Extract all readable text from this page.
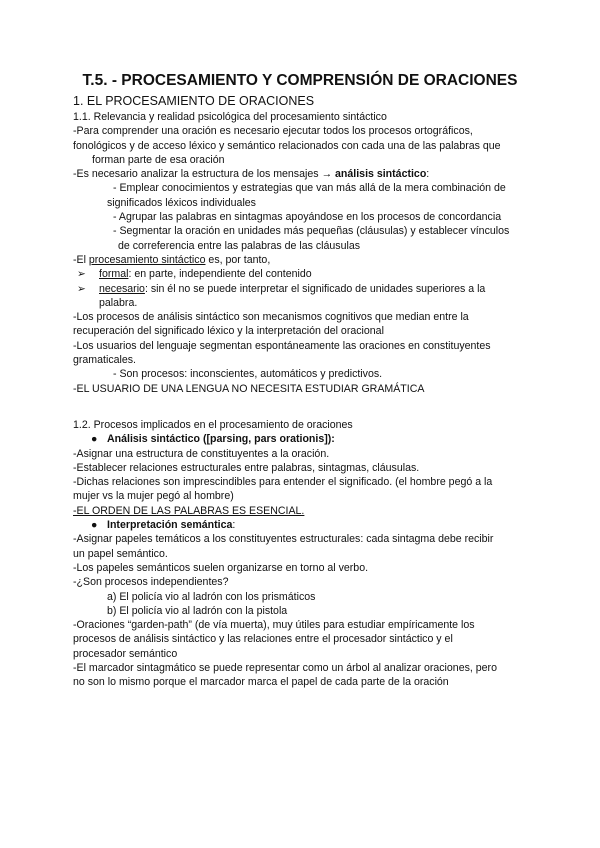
T.5. - PROCESAMIENTO Y COMPRENSIÓN DE ORACIONES
1. EL PROCESAMIENTO DE ORACIONES
1.1. Relevancia y realidad psicológica del procesamiento sintáctico
-Para comprender una oración es necesario ejecutar todos los procesos ortográficos,
fonológicos y de acceso léxico y semántico relacionados con cada una de las palabras que
forman parte de esa oración
-Es necesario analizar la estructura de los mensajes → análisis sintáctico:
- Emplear conocimientos y estrategias que van más allá de la mera combinación de
significados léxicos individuales
- Agrupar las palabras en sintagmas apoyándose en los procesos de concordancia
- Segmentar la oración en unidades más pequeñas (cláusulas) y establecer vínculos
de correferencia entre las palabras de las cláusulas
-El procesamiento sintáctico es, por tanto,
➢ formal: en parte, independiente del contenido
➢ necesario: sin él no se puede interpretar el significado de unidades superiores a la
palabra.
-Los procesos de análisis sintáctico son mecanismos cognitivos que median entre la
recuperación del significado léxico y la interpretación del oracional
-Los usuarios del lenguaje segmentan espontáneamente las oraciones en constituyentes
gramaticales.
- Son procesos: inconscientes, automáticos y predictivos.
-EL USUARIO DE UNA LENGUA NO NECESITA ESTUDIAR GRAMÁTICA
1.2. Procesos implicados en el procesamiento de oraciones
● Análisis sintáctico ([parsing, pars orationis]):
-Asignar una estructura de constituyentes a la oración.
-Establecer relaciones estructurales entre palabras, sintagmas, cláusulas.
-Dichas relaciones son imprescindibles para entender el significado. (el hombre pegó a la
mujer vs la mujer pegó al hombre)
-EL ORDEN DE LAS PALABRAS ES ESENCIAL.
● Interpretación semántica:
-Asignar papeles temáticos a los constituyentes estructurales: cada sintagma debe recibir
un papel semántico.
-Los papeles semánticos suelen organizarse en torno al verbo.
-¿Son procesos independientes?
a) El policía vio al ladrón con los prismáticos
b) El policía vio al ladrón con la pistola
-Oraciones “garden-path” (de vía muerta), muy útiles para estudiar empíricamente los
procesos de análisis sintáctico y las relaciones entre el procesador sintáctico y el
procesador semántico
-El marcador sintagmático se puede representar como un árbol al analizar oraciones, pero
no son lo mismo porque el marcador marca el papel de cada parte de la oración
